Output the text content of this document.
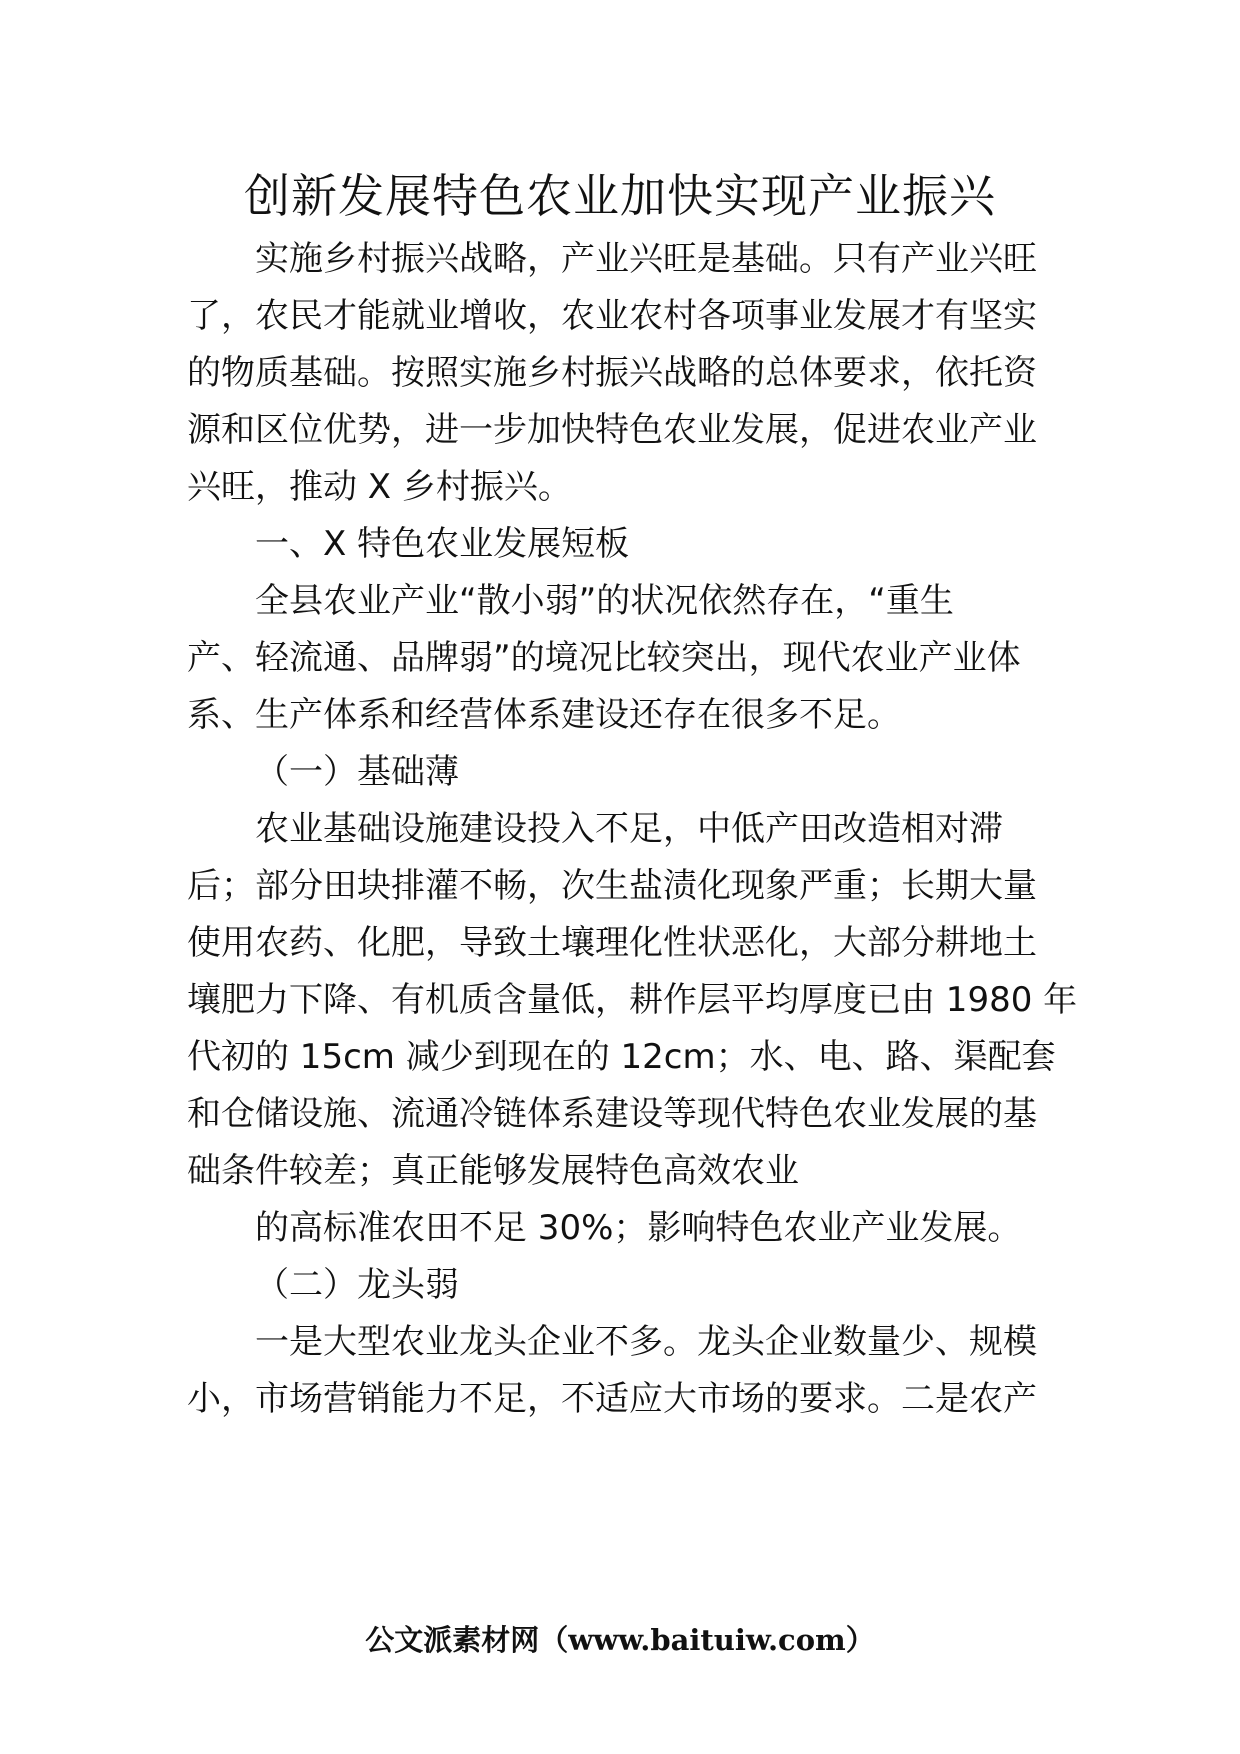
创新发展特色农业加快实现产业振兴
实施乡村振兴战略，产业兴旺是基础。只有产业兴旺
了，农民才能就业增收，农业农村各项事业发展才有坚实
的物质基础。按照实施乡村振兴战略的总体要求，依托资
源和区位优势，进一步加快特色农业发展，促进农业产业
兴旺，推动 X 乡村振兴。
一、X 特色农业发展短板
全县农业产业“散小弱”的状况依然存在，“重生
产、轻流通、品牌弱”的境况比较突出，现代农业产业体
系、生产体系和经营体系建设还存在很多不足。
（一）基础薄
农业基础设施建设投入不足，中低产田改造相对滞
后；部分田块排灌不畅，次生盐渍化现象严重；长期大量
使用农药、化肥，导致土壤理化性状恶化，大部分耕地土
壤肥力下降、有机质含量低，耕作层平均厚度已由 1980 年
代初的 15cm 减少到现在的 12cm；水、电、路、渠配套
和仓储设施、流通冷链体系建设等现代特色农业发展的基
础条件较差；真正能够发展特色高效农业
的高标准农田不足 30%；影响特色农业产业发展。
（二）龙头弱
一是大型农业龙头企业不多。龙头企业数量少、规模
小，市场营销能力不足，不适应大市场的要求。二是农产
公文派素材网（www.baituiw.com）
